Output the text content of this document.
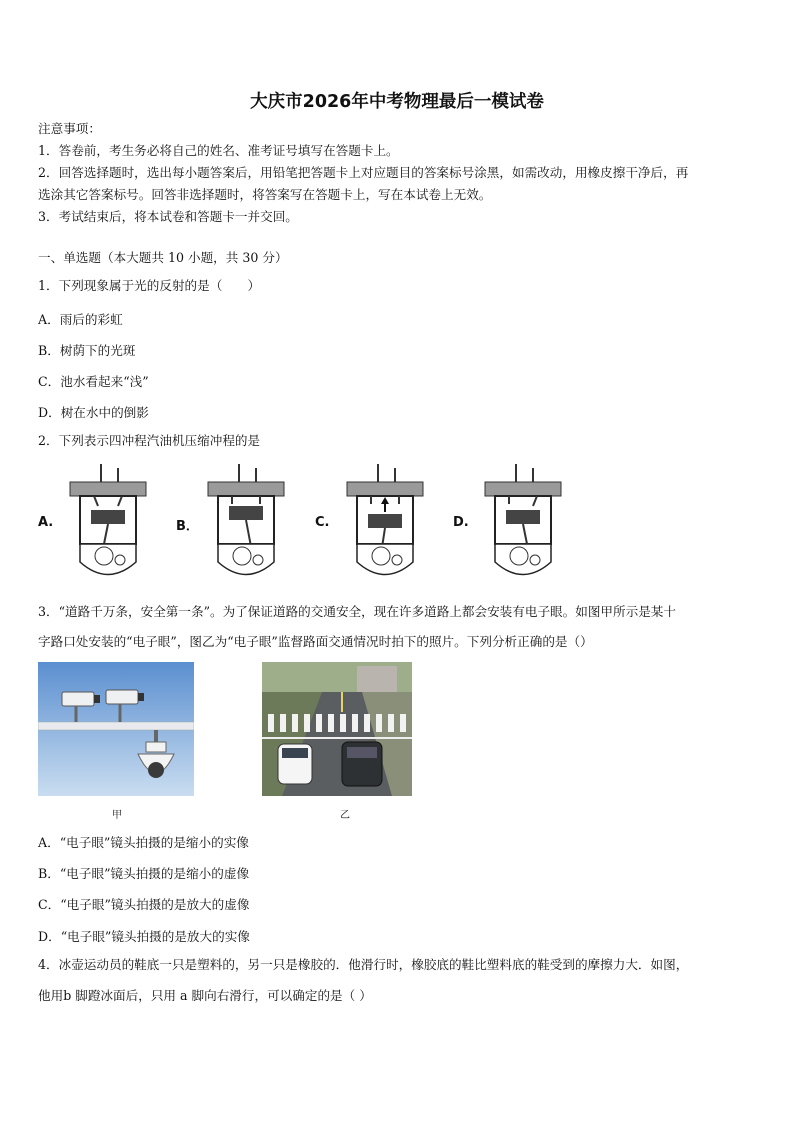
大庆市2026年中考物理最后一模试卷
注意事项：
1．答卷前，考生务必将自己的姓名、准考证号填写在答题卡上。
2．回答选择题时，选出每小题答案后，用铅笔把答题卡上对应题目的答案标号涂黑，如需改动，用橡皮擦干净后，再
选涂其它答案标号。回答非选择题时，将答案写在答题卡上，写在本试卷上无效。
3．考试结束后，将本试卷和答题卡一并交回。
一、单选题（本大题共 10 小题，共 30 分）
1．下列现象属于光的反射的是（　　）
A．雨后的彩虹
B．树荫下的光斑
C．池水看起来“浅”
D．树在水中的倒影
2．下列表示四冲程汽油机压缩冲程的是
A.	B．	C.	D.
3．“道路千万条，安全第一条”。为了保证道路的交通安全，现在许多道路上都会安装有电子眼。如图甲所示是某十
字路口处安装的“电子眼”，图乙为“电子眼”监督路面交通情况时拍下的照片。下列分析正确的是（）
甲	乙
A．“电子眼”镜头拍摄的是缩小的实像
B．“电子眼”镜头拍摄的是缩小的虚像
C．“电子眼”镜头拍摄的是放大的虚像
D．“电子眼”镜头拍摄的是放大的实像
4．冰壶运动员的鞋底一只是塑料的，另一只是橡胶的．他滑行时，橡胶底的鞋比塑料底的鞋受到的摩擦力大．如图，
他用b 脚蹬冰面后，只用 a 脚向右滑行，可以确定的是（ ）
